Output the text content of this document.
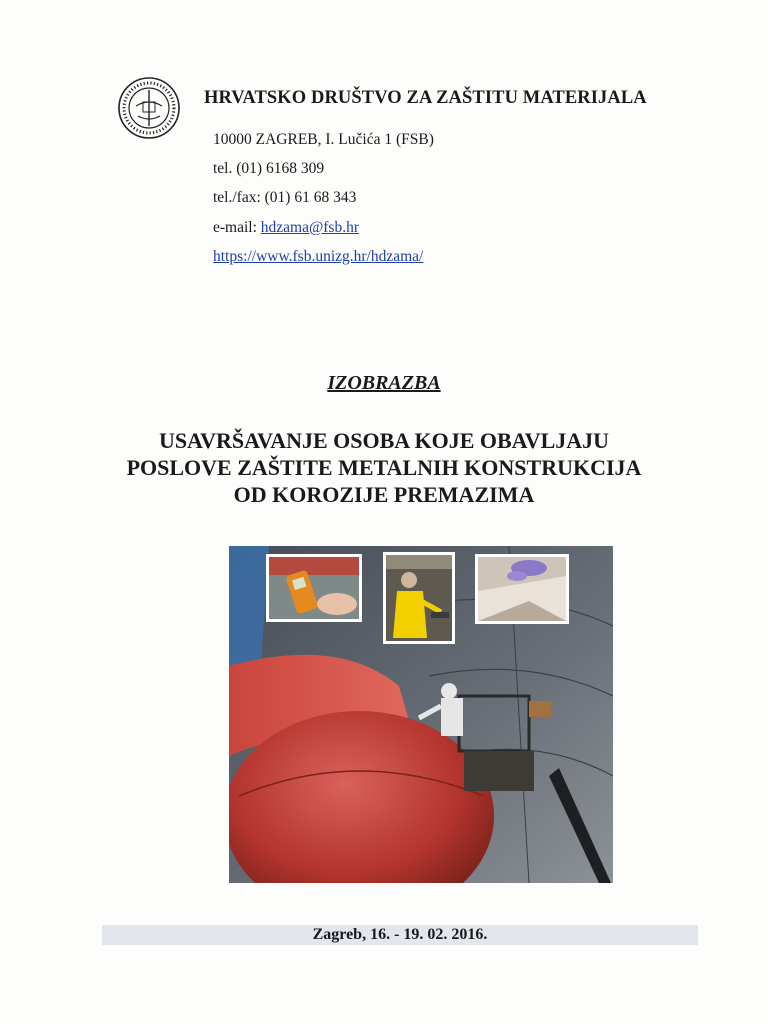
HRVATSKO DRUŠTVO ZA ZAŠTITU MATERIJALA
10000 ZAGREB, I. Lučića 1 (FSB)
tel. (01) 6168 309
tel./fax: (01) 61 68 343
e-mail: hdzama@fsb.hr
https://www.fsb.unizg.hr/hdzama/
IZOBRAZBA
USAVRŠAVANJE OSOBA KOJE OBAVLJAJU
POSLOVE ZAŠTITE METALNIH KONSTRUKCIJA
OD KOROZIJE PREMAZIMA
Zagreb, 16. - 19. 02. 2016.
